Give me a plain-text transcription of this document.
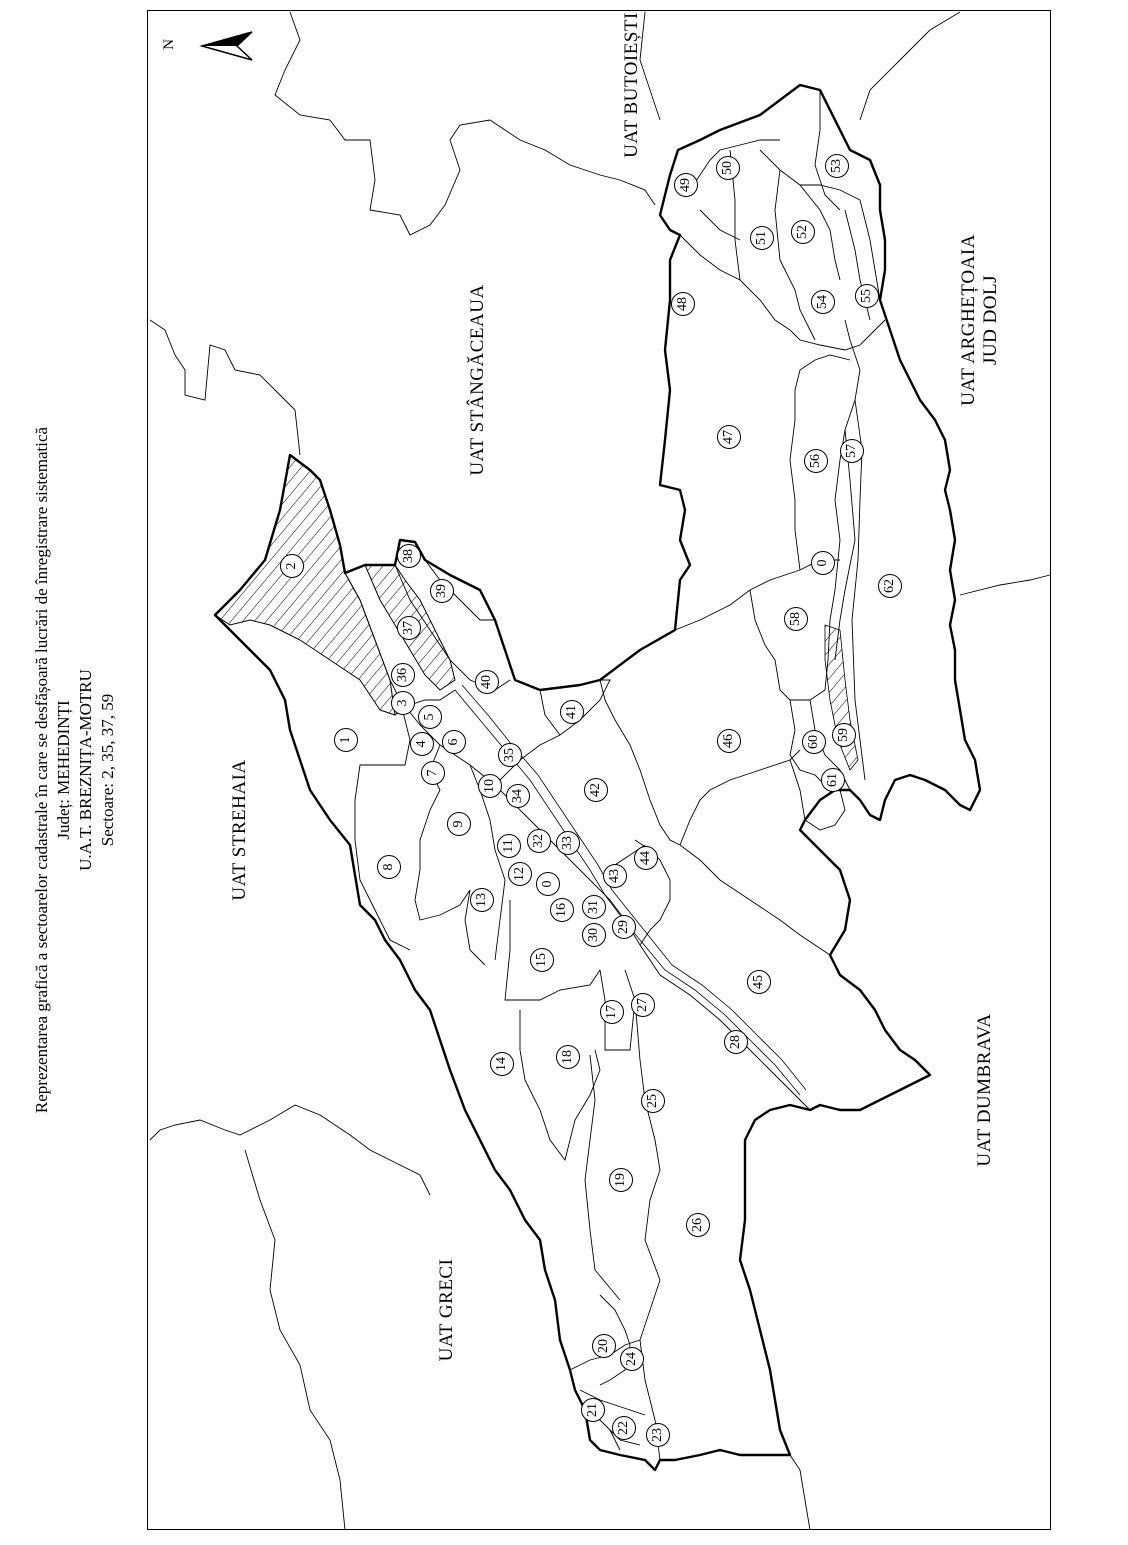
Reprezentarea grafică a sectoarelor cadastrale în care se desfășoară lucrări de înregistrare sistematică Județ: MEHEDINȚI U.A.T. BREZNIȚA-MOTRU Sectoare: 2, 35, 37, 59
N
UAT STREHAIA
UAT STÂNGĂCEAUA
UAT BUTOIEȘTI
UAT ARGHEȚOAIA JUD DOLJ
UAT DUMBRAVA
UAT GRECI
1
2
3
4
5
6
7
8
9
10
11
12
13
14
15
16
17
18
19
20
21
22 23
24
25
26
27
28
29
30
31
32 33
34
35
36
37
38
39
40
41
42
43
44
45
46
47
48
49
50
51 52
53
54 55
56
57
58
59
60
61
62
0
0
